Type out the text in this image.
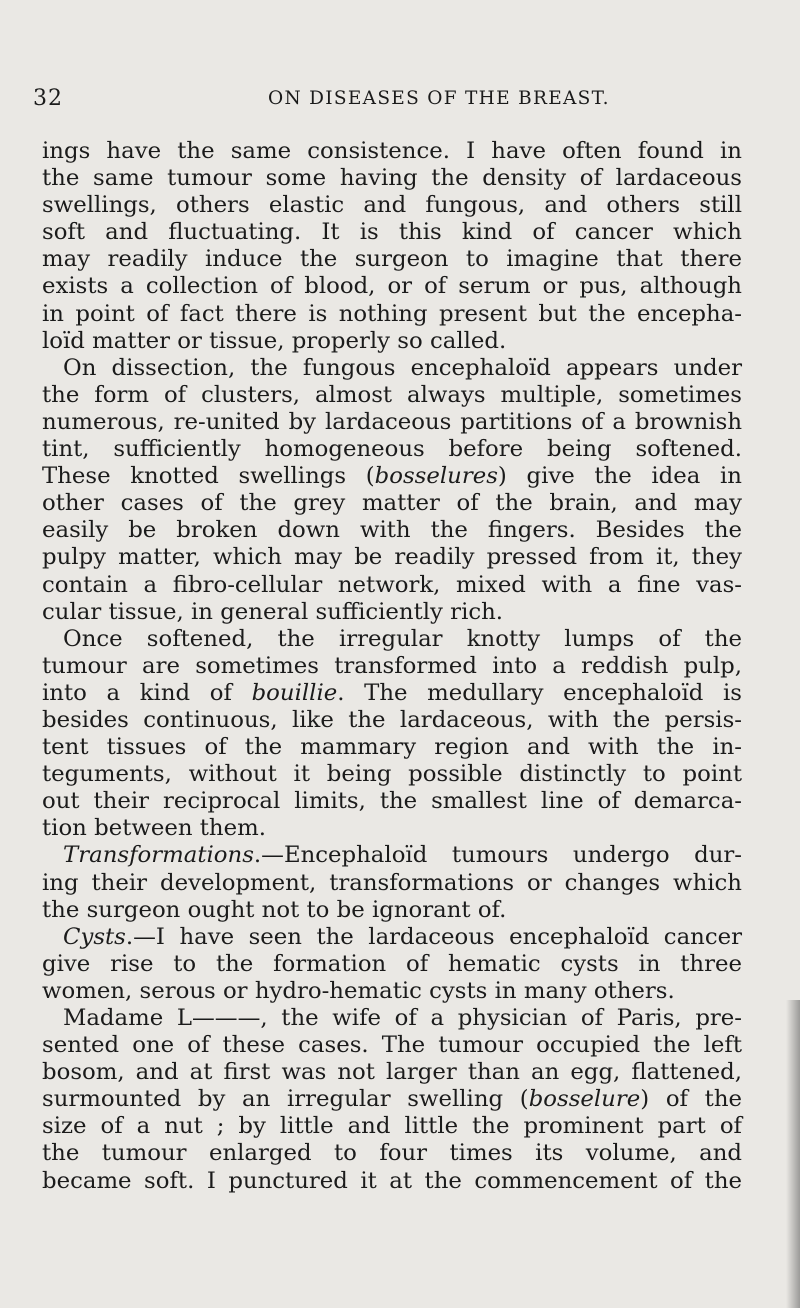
32	ON DISEASES OF THE BREAST.
ings have the same consistence. I have often found in
the same tumour some having the density of lardaceous
swellings, others elastic and fungous, and others still
soft and fluctuating. It is this kind of cancer which
may readily induce the surgeon to imagine that there
exists a collection of blood, or of serum or pus, although
in point of fact there is nothing present but the encepha-
loïd matter or tissue, properly so called.
On dissection, the fungous encephaloïd appears under
the form of clusters, almost always multiple, sometimes
numerous, re-united by lardaceous partitions of a brownish
tint, sufficiently homogeneous before being softened.
These knotted swellings (bosselures) give the idea in
other cases of the grey matter of the brain, and may
easily be broken down with the fingers. Besides the
pulpy matter, which may be readily pressed from it, they
contain a fibro-cellular network, mixed with a fine vas-
cular tissue, in general sufficiently rich.
Once softened, the irregular knotty lumps of the
tumour are sometimes transformed into a reddish pulp,
into a kind of bouillie. The medullary encephaloïd is
besides continuous, like the lardaceous, with the persis-
tent tissues of the mammary region and with the in-
teguments, without it being possible distinctly to point
out their reciprocal limits, the smallest line of demarca-
tion between them.
Transformations.—Encephaloïd tumours undergo dur-
ing their development, transformations or changes which
the surgeon ought not to be ignorant of.
Cysts.—I have seen the lardaceous encephaloïd cancer
give rise to the formation of hematic cysts in three
women, serous or hydro-hematic cysts in many others.
Madame L———, the wife of a physician of Paris, pre-
sented one of these cases. The tumour occupied the left
bosom, and at first was not larger than an egg, flattened,
surmounted by an irregular swelling (bosselure) of the
size of a nut ; by little and little the prominent part of
the tumour enlarged to four times its volume, and
became soft. I punctured it at the commencement of the
